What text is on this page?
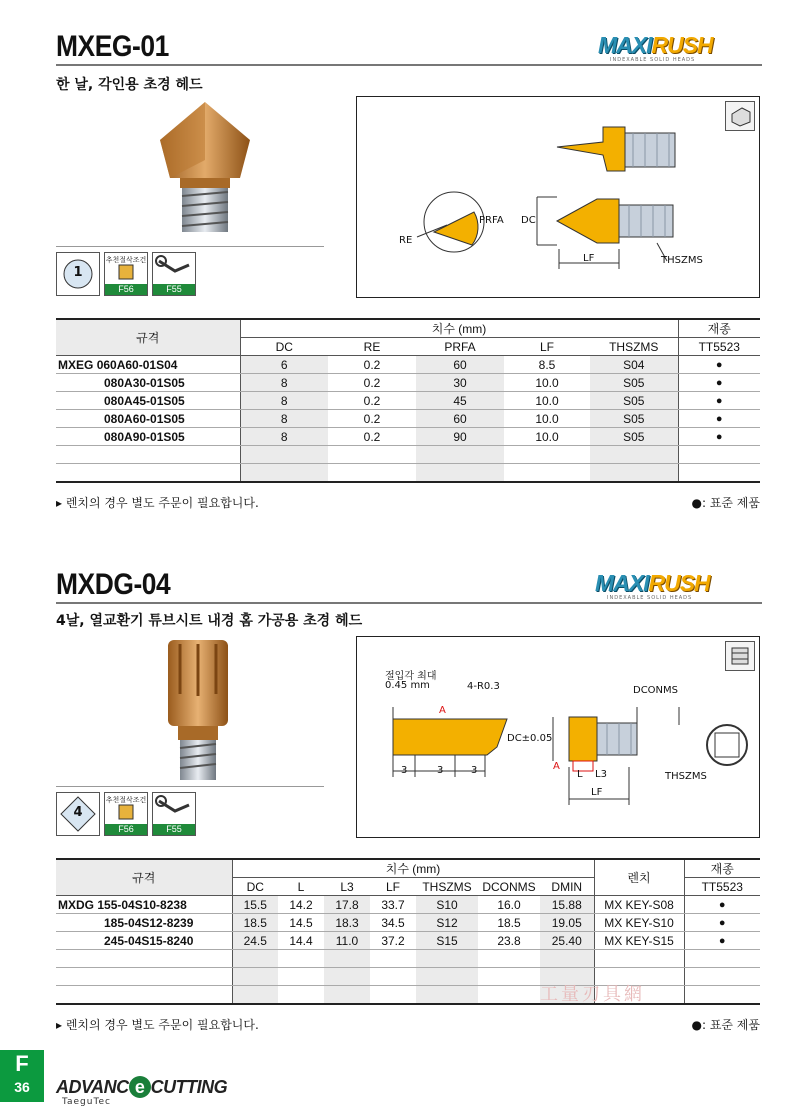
MXEG-01	MAXIRUSH
INDEXABLE SOLID HEADS
한 날, 각인용 초경 헤드
1
추천절삭조건
F56	F55
RE
PRFA DC
LF	THSZMS
규격	치수 (mm)					재종
	DC	RE	PRFA	LF	THSZMS	TT5523
MXEG 060A60-01S04	6	0.2	60	8.5	S04	●
080A30-01S05	8	0.2	30	10.0	S05	●
080A45-01S05	8	0.2	45	10.0	S05	●
080A60-01S05	8	0.2	60	10.0	S05	●
080A90-01S05	8	0.2	90	10.0	S05	●

▸ 렌치의 경우 별도 주문이 필요합니다.	●: 표준 제품
MXDG-04	MAXIRUSH
INDEXABLE SOLID HEADS
4날, 열교환기 튜브시트 내경 홈 가공용 초경 헤드
4
추천절삭조건
F56	F55
절입각 최대
0.45 mm	4-R0.3
A
A
3	3	3
DC±0.05
DCONMS
L L3
LF
THSZMS
규격	치수 (mm)							렌치	재종
	DC	L	L3	LF	THSZMS	DCONMS	DMIN		TT5523
MXDG 155-04S10-8238	15.5	14.2	17.8	33.7	S10	16.0	15.88	MX KEY-S08	●
185-04S12-8239	18.5	14.5	18.3	34.5	S12	18.5	19.05	MX KEY-S10	●
245-04S15-8240	24.5	14.4	11.0	37.2	S15	23.8	25.40	MX KEY-S15	●

工量刃具網
▸ 렌치의 경우 별도 주문이 필요합니다.	●: 표준 제품
F
36	ADVANC e CUTTING
TaeguTec
